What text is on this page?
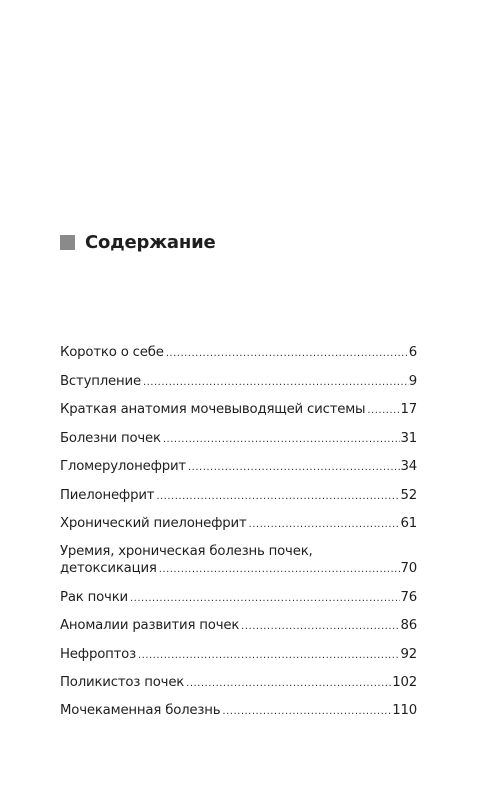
Содержание
Коротко о себе .....	6
Вступление .....	9
Краткая анатомия мочевыводящей системы .....	17
Болезни почек .....	31
Гломерулонефрит .....	34
Пиелонефрит .....	52
Хронический пиелонефрит .....	61
Уремия, хроническая болезнь почек,
детоксикация .....	70
Рак почки .....	76
Аномалии развития почек .....	86
Нефроптоз .....	92
Поликистоз почек .....	102
Мочекаменная болезнь .....	110
